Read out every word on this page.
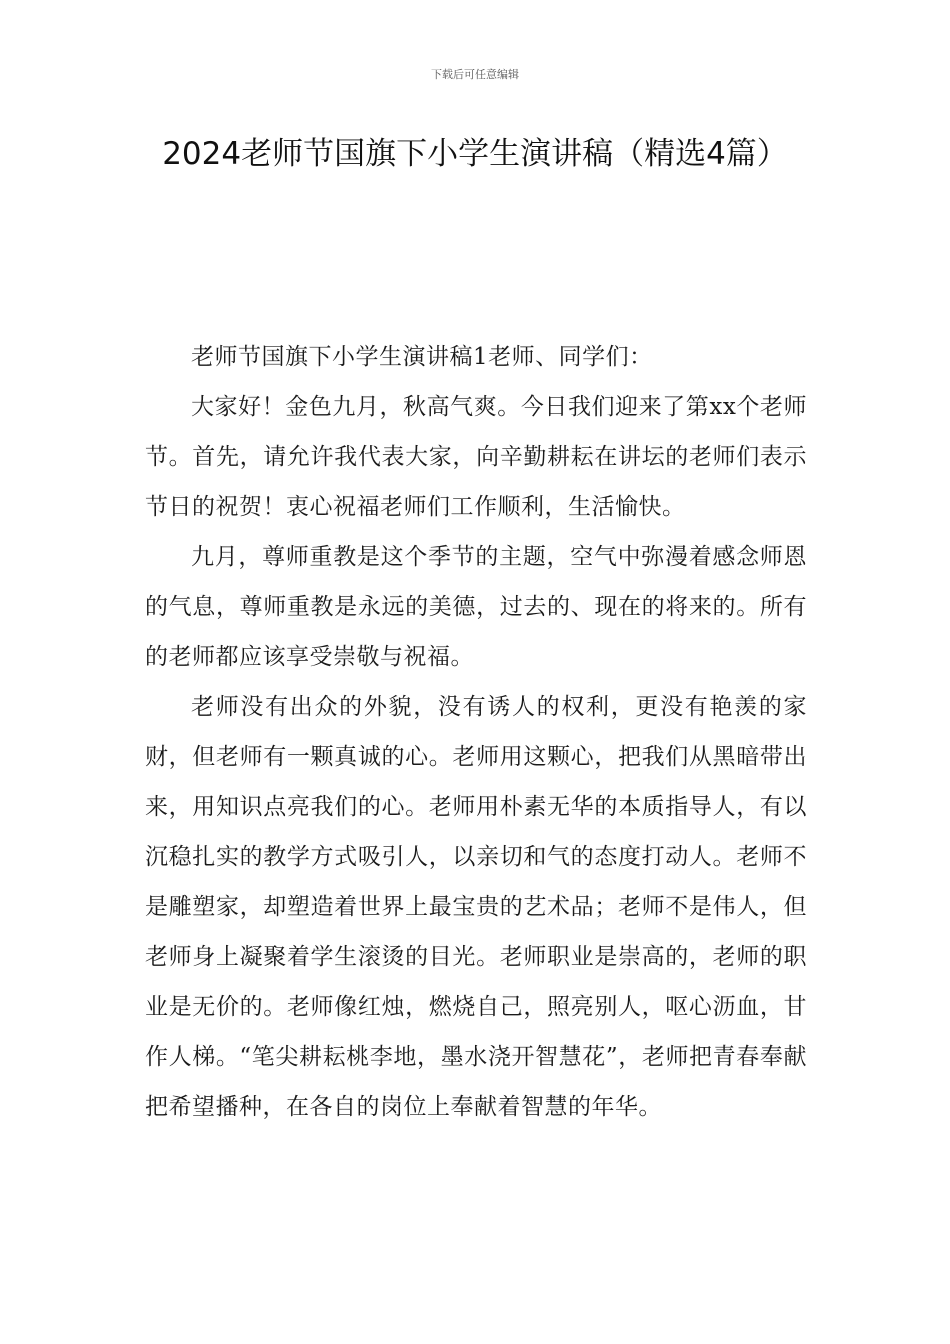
下载后可任意编辑
2024老师节国旗下小学生演讲稿（精选4篇）

老师节国旗下小学生演讲稿1老师、同学们：

大家好！金色九月，秋高气爽。今日我们迎来了第xx个老师节。首先，请允许我代表大家，向辛勤耕耘在讲坛的老师们表示节日的祝贺！衷心祝福老师们工作顺利，生活愉快。

九月，尊师重教是这个季节的主题，空气中弥漫着感念师恩的气息，尊师重教是永远的美德，过去的、现在的将来的。所有的老师都应该享受崇敬与祝福。

老师没有出众的外貌，没有诱人的权利，更没有艳羡的家财，但老师有一颗真诚的心。老师用这颗心，把我们从黑暗带出来，用知识点亮我们的心。老师用朴素无华的本质指导人，有以沉稳扎实的教学方式吸引人，以亲切和气的态度打动人。老师不是雕塑家，却塑造着世界上最宝贵的艺术品；老师不是伟人，但老师身上凝聚着学生滚烫的目光。老师职业是崇高的，老师的职业是无价的。老师像红烛，燃烧自己，照亮别人，呕心沥血，甘作人梯。“笔尖耕耘桃李地，墨水浇开智慧花”，老师把青春奉献把希望播种，在各自的岗位上奉献着智慧的年华。
